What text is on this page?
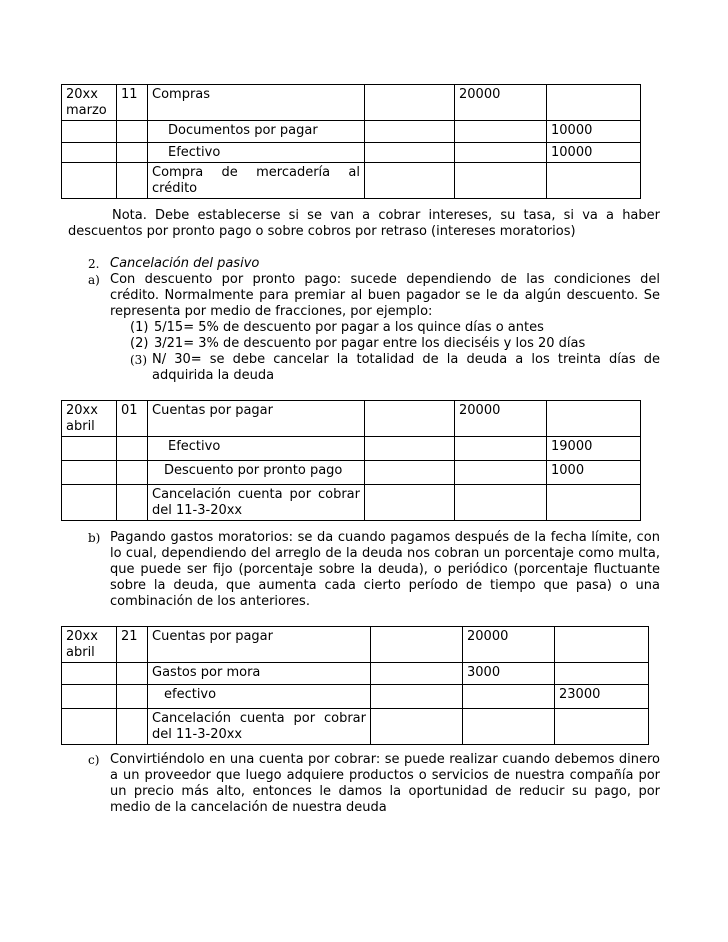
20xx marzo	11	Compras		20000	
		Documentos por pagar			10000
		Efectivo			10000
		Compra de mercadería al crédito			

Nota. Debe establecerse si se van a cobrar intereses, su tasa, si va a haber descuentos por pronto pago o sobre cobros por retraso (intereses moratorios)

2. Cancelación del pasivo
a) Con descuento por pronto pago: sucede dependiendo de las condiciones del crédito. Normalmente para premiar al buen pagador se le da algún descuento. Se representa por medio de fracciones, por ejemplo:
(1) 5/15= 5% de descuento por pagar a los quince días o antes
(2) 3/21= 3% de descuento por pagar entre los dieciséis y los 20 días
(3) N/ 30= se debe cancelar la totalidad de la deuda a los treinta días de adquirida la deuda
20xx abril	01	Cuentas por pagar		20000	
		Efectivo			19000
		Descuento por pronto pago			1000
		Cancelación cuenta por cobrar del 11-3-20xx			
b) Pagando gastos moratorios: se da cuando pagamos después de la fecha límite, con lo cual, dependiendo del arreglo de la deuda nos cobran un porcentaje como multa, que puede ser fijo (porcentaje sobre la deuda), o periódico (porcentaje fluctuante sobre la deuda, que aumenta cada cierto período de tiempo que pasa) o una combinación de los anteriores.
20xx abril	21	Cuentas por pagar		20000	
		Gastos por mora		3000	
		efectivo			23000
		Cancelación cuenta por cobrar del 11-3-20xx			
c) Convirtiéndolo en una cuenta por cobrar: se puede realizar cuando debemos dinero a un proveedor que luego adquiere productos o servicios de nuestra compañía por un precio más alto, entonces le damos la oportunidad de reducir su pago, por medio de la cancelación de nuestra deuda
